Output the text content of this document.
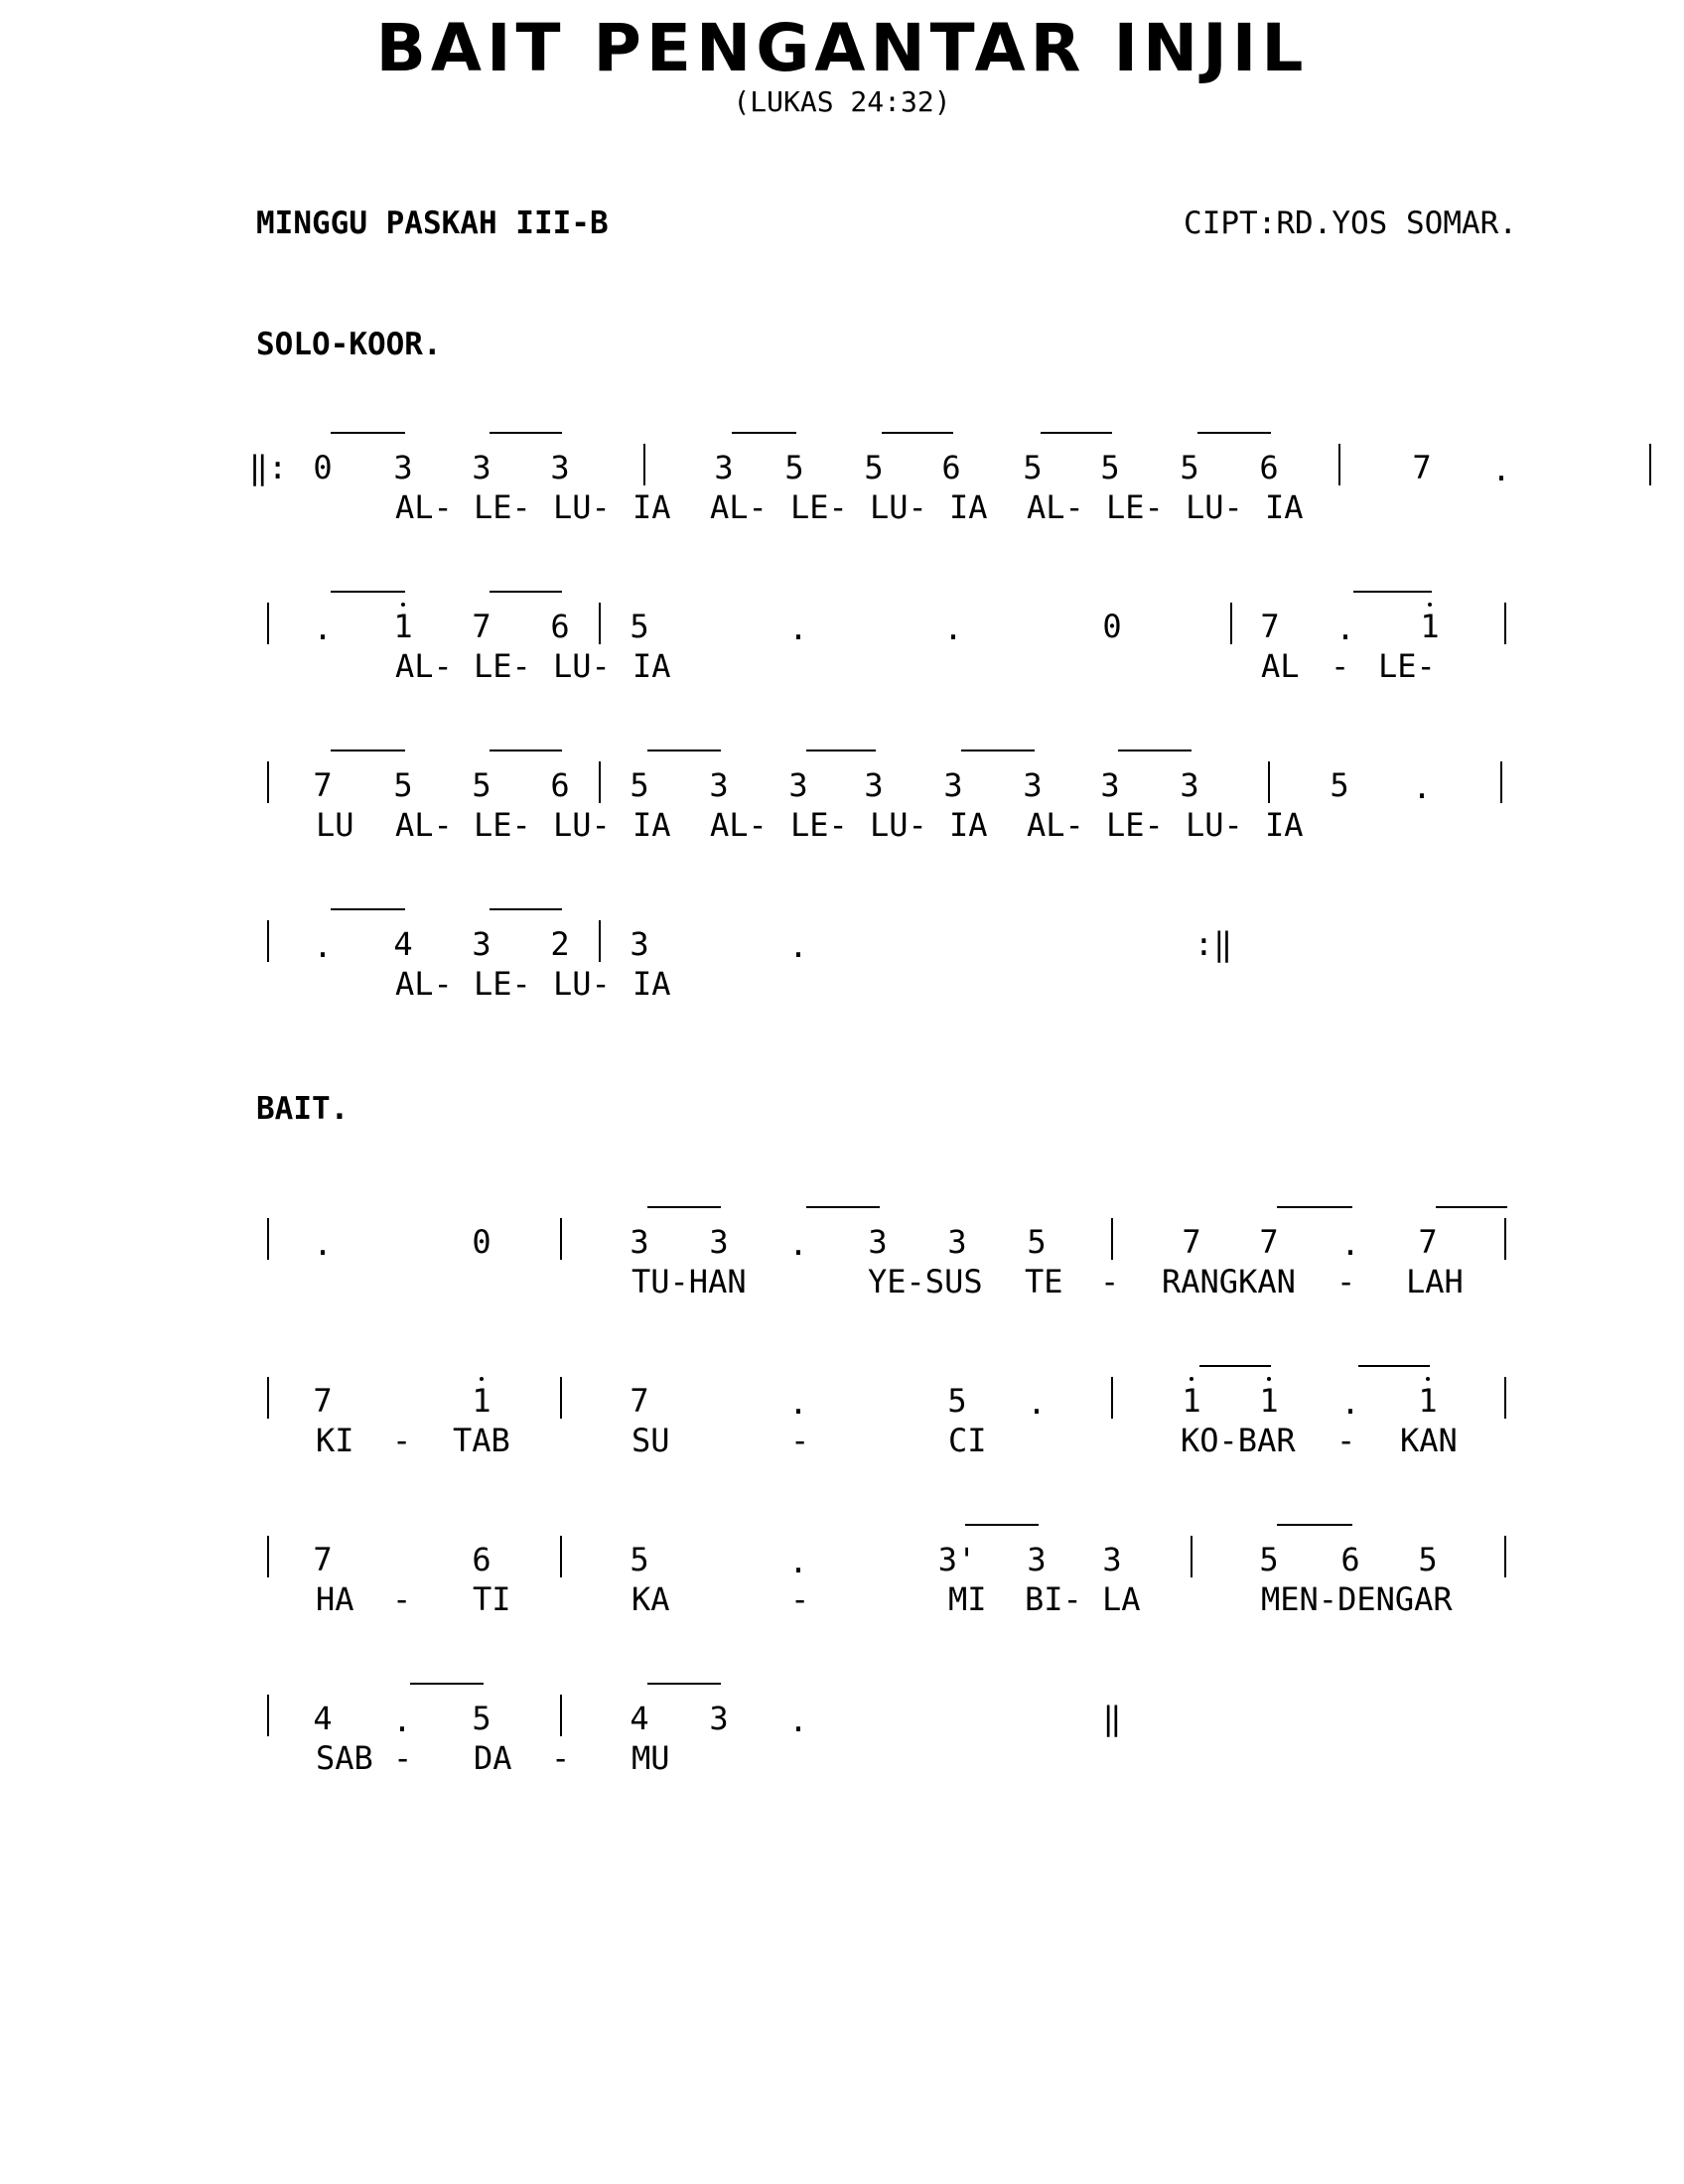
BAIT PENGANTAR INJIL
(LUKAS 24:32)
MINGGU PASKAH III-B	CIPT:RD.YOS SOMAR.
SOLO-KOOR.
BAIT.
‖: 0 3 3 3	3 5 5 6 5 5 5 6	7 .
AL- LE- LU- IA AL- LE- LU- IA AL- LE- LU- IA
. 1 7 6 5	.	.	0	7 . 1
AL- LE- LU- IA	AL - LE-
7 5 5 6 5 3 3 3 3 3 3 3	5 .
LU AL- LE- LU- IA AL- LE- LU- IA AL- LE- LU- IA
. 4 3 2 3	.	:‖
AL- LE- LU- IA
.	0	3 3 . 3 3 5	7 7 . 7
TU-HAN	YE-SUS TE - RANGKAN - LAH
7	1	7	.	5 .	1 1 . 1
KI - TAB	SU	-	CI	KO-BAR - KAN
7	6	5	.	3' 3 3	5 6 5
HA - TI	KA	-	MI BI- LA	MEN-DENGAR
4 . 5	4 3 .	‖
SAB - DA - MU
